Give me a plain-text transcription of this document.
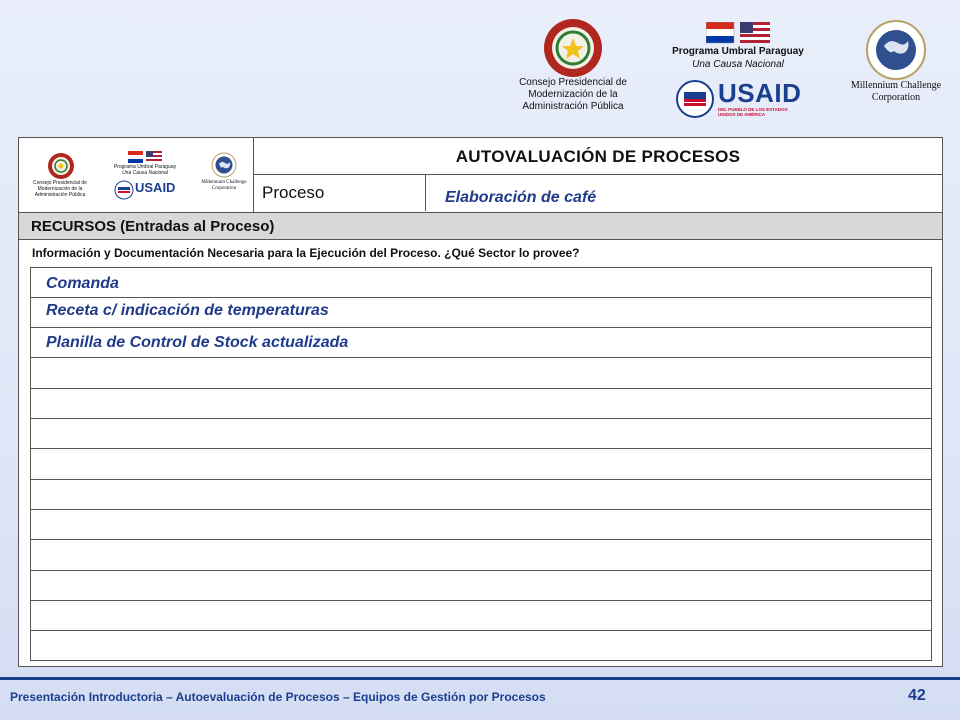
Consejo Presidencial de Modernización de la Administración Pública
Programa Umbral Paraguay
Una Causa Nacional
USAID
DEL PUEBLO DE LOS ESTADOS UNIDOS DE AMÉRICA
Millennium Challenge Corporation
Consejo Presidencial de Modernización de la Administración Pública
Programa Umbral Paraguay
Una Causa Nacional
USAID	Millennium Challenge Corporation
AUTOVALUACIÓN DE PROCESOS
Proceso	Elaboración de café
RECURSOS (Entradas al Proceso)
Información y Documentación Necesaria para la Ejecución del Proceso. ¿Qué Sector lo provee?
Comanda
Receta c/ indicación de temperaturas
Planilla de Control de Stock actualizada
Presentación Introductoria – Autoevaluación de Procesos – Equipos de Gestión por Procesos	42
